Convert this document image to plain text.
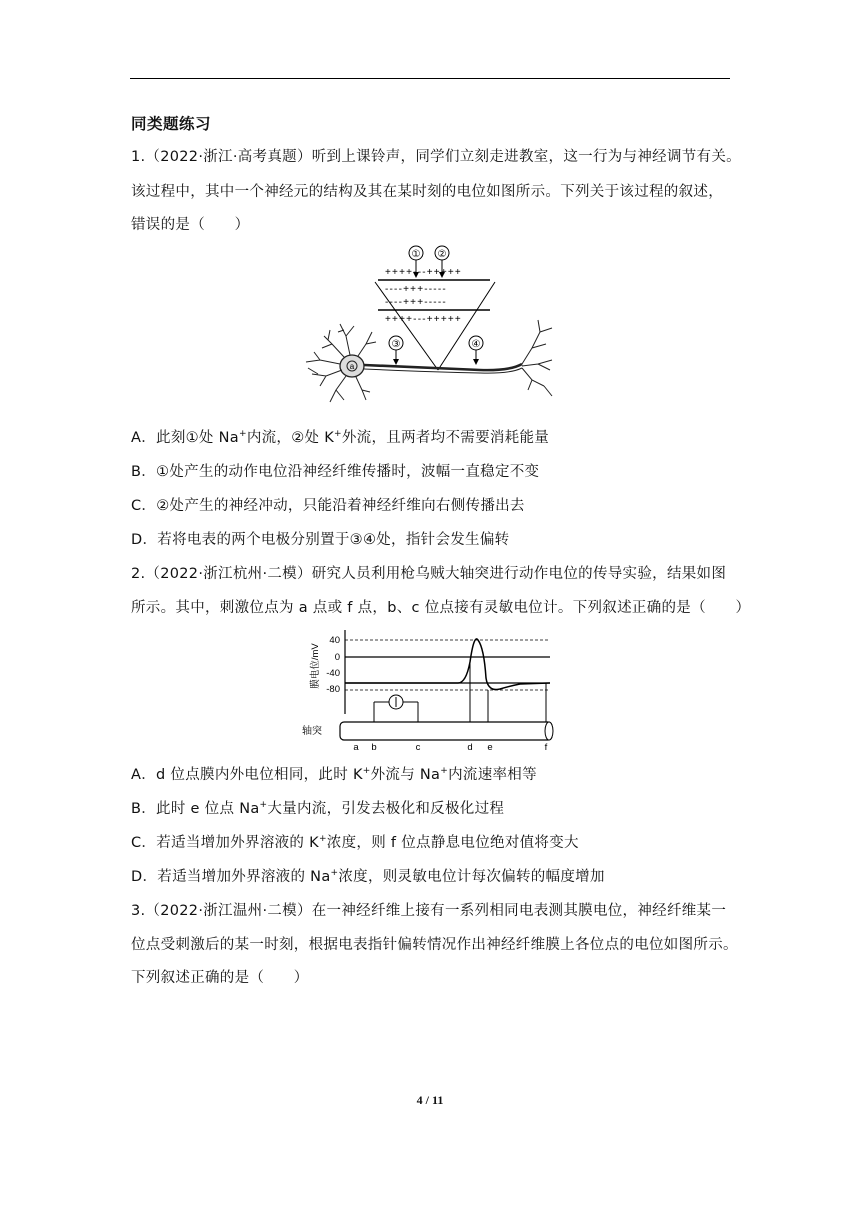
同类题练习
1.（2022·浙江·高考真题）听到上课铃声，同学们立刻走进教室，这一行为与神经调节有关。
该过程中，其中一个神经元的结构及其在某时刻的电位如图所示。下列关于该过程的叙述，
错误的是（　　）
① ②
++++---+++++
----+++-----
----+++-----
++++---+++++
③	④
a
A．此刻①处 Na+内流，②处 K+外流，且两者均不需要消耗能量
B．①处产生的动作电位沿神经纤维传播时，波幅一直稳定不变
C．②处产生的神经冲动，只能沿着神经纤维向右侧传播出去
D．若将电表的两个电极分别置于③④处，指针会发生偏转
2.（2022·浙江杭州·二模）研究人员利用枪乌贼大轴突进行动作电位的传导实验，结果如图
所示。其中，刺激位点为 a 点或 f 点，b、c 位点接有灵敏电位计。下列叙述正确的是（　　）
膜电位/mV
40
0
-40
-80
轴突
a b	c	d e	f
A．d 位点膜内外电位相同，此时 K+外流与 Na+内流速率相等
B．此时 e 位点 Na+大量内流，引发去极化和反极化过程
C．若适当增加外界溶液的 K+浓度，则 f 位点静息电位绝对值将变大
D．若适当增加外界溶液的 Na+浓度，则灵敏电位计每次偏转的幅度增加
3.（2022·浙江温州·二模）在一神经纤维上接有一系列相同电表测其膜电位，神经纤维某一
位点受刺激后的某一时刻，根据电表指针偏转情况作出神经纤维膜上各位点的电位如图所示。
下列叙述正确的是（　　）
4 / 11
